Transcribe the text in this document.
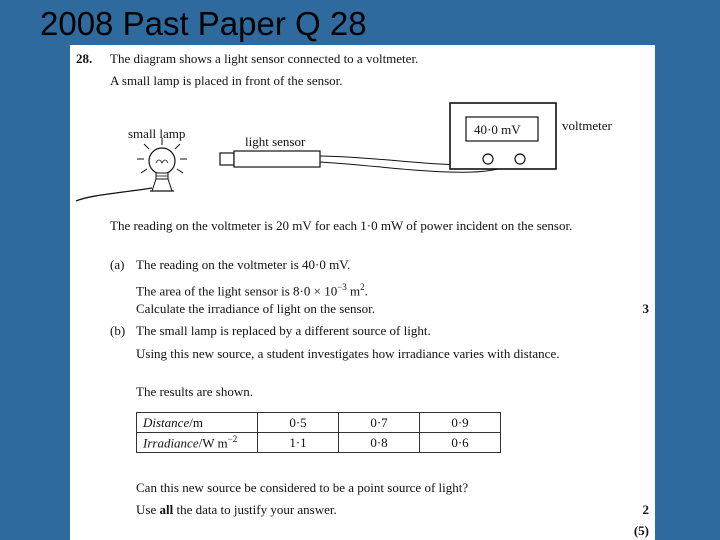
2008 Past Paper Q 28
28. The diagram shows a light sensor connected to a voltmeter.
A small lamp is placed in front of the sensor.
small lamp
light sensor
voltmeter
40·0 mV
The reading on the voltmeter is 20 mV for each 1·0 mW of power incident on the sensor.
(a) The reading on the voltmeter is 40·0 mV.
The area of the light sensor is $8\cdot 0 \times 10^{-3}$ $m^2$.
Calculate the irradiance of light on the sensor.	3
(b) The small lamp is replaced by a different source of light.
Using this new source, a student investigates how irradiance varies with distance.
The results are shown.
Distance/m	0·5	0·7	0·9
Irradiance/W $m^{-2}$	1·1	0·8	0·6
Can this new source be considered to be a point source of light?
Use all the data to justify your answer.	2
(5)
